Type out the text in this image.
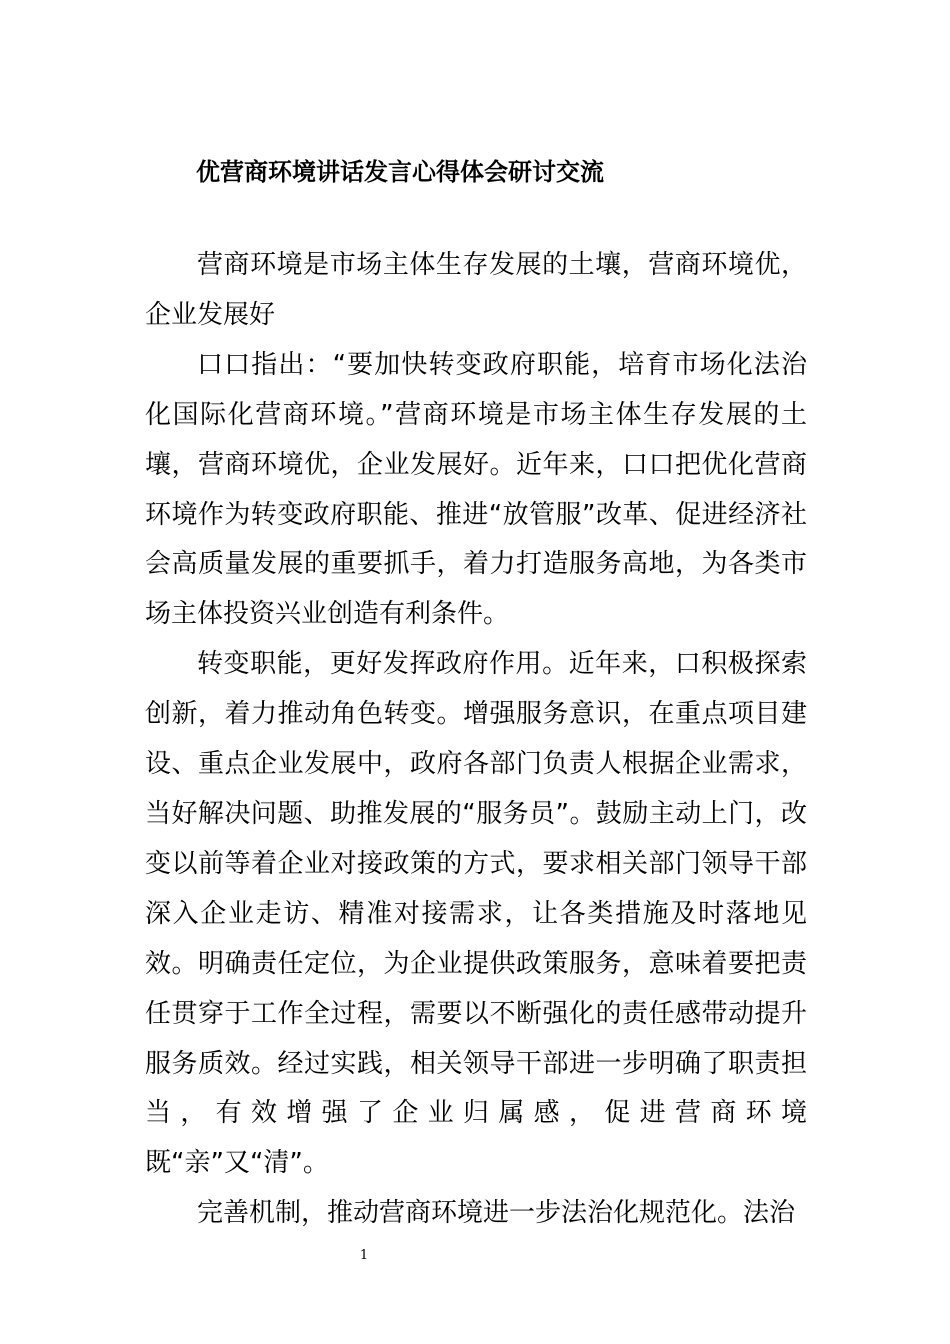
优营商环境讲话发言心得体会研讨交流

营商环境是市场主体生存发展的土壤，营商环境优，企业发展好

口口指出：“要加快转变政府职能，培育市场化法治化国际化营商环境。”营商环境是市场主体生存发展的土壤，营商环境优，企业发展好。近年来，口口把优化营商环境作为转变政府职能、推进“放管服”改革、促进经济社会高质量发展的重要抓手，着力打造服务高地，为各类市场主体投资兴业创造有利条件。

转变职能，更好发挥政府作用。近年来，口积极探索创新，着力推动角色转变。增强服务意识，在重点项目建设、重点企业发展中，政府各部门负责人根据企业需求，当好解决问题、助推发展的“服务员”。鼓励主动上门，改变以前等着企业对接政策的方式，要求相关部门领导干部深入企业走访、精准对接需求，让各类措施及时落地见效。明确责任定位，为企业提供政策服务，意味着要把责任贯穿于工作全过程，需要以不断强化的责任感带动提升服务质效。经过实践，相关领导干部进一步明确了职责担当，有效增强了企业归属感，促进营商环境既“亲”又“清”。

完善机制，推动营商环境进一步法治化规范化。法治

1
